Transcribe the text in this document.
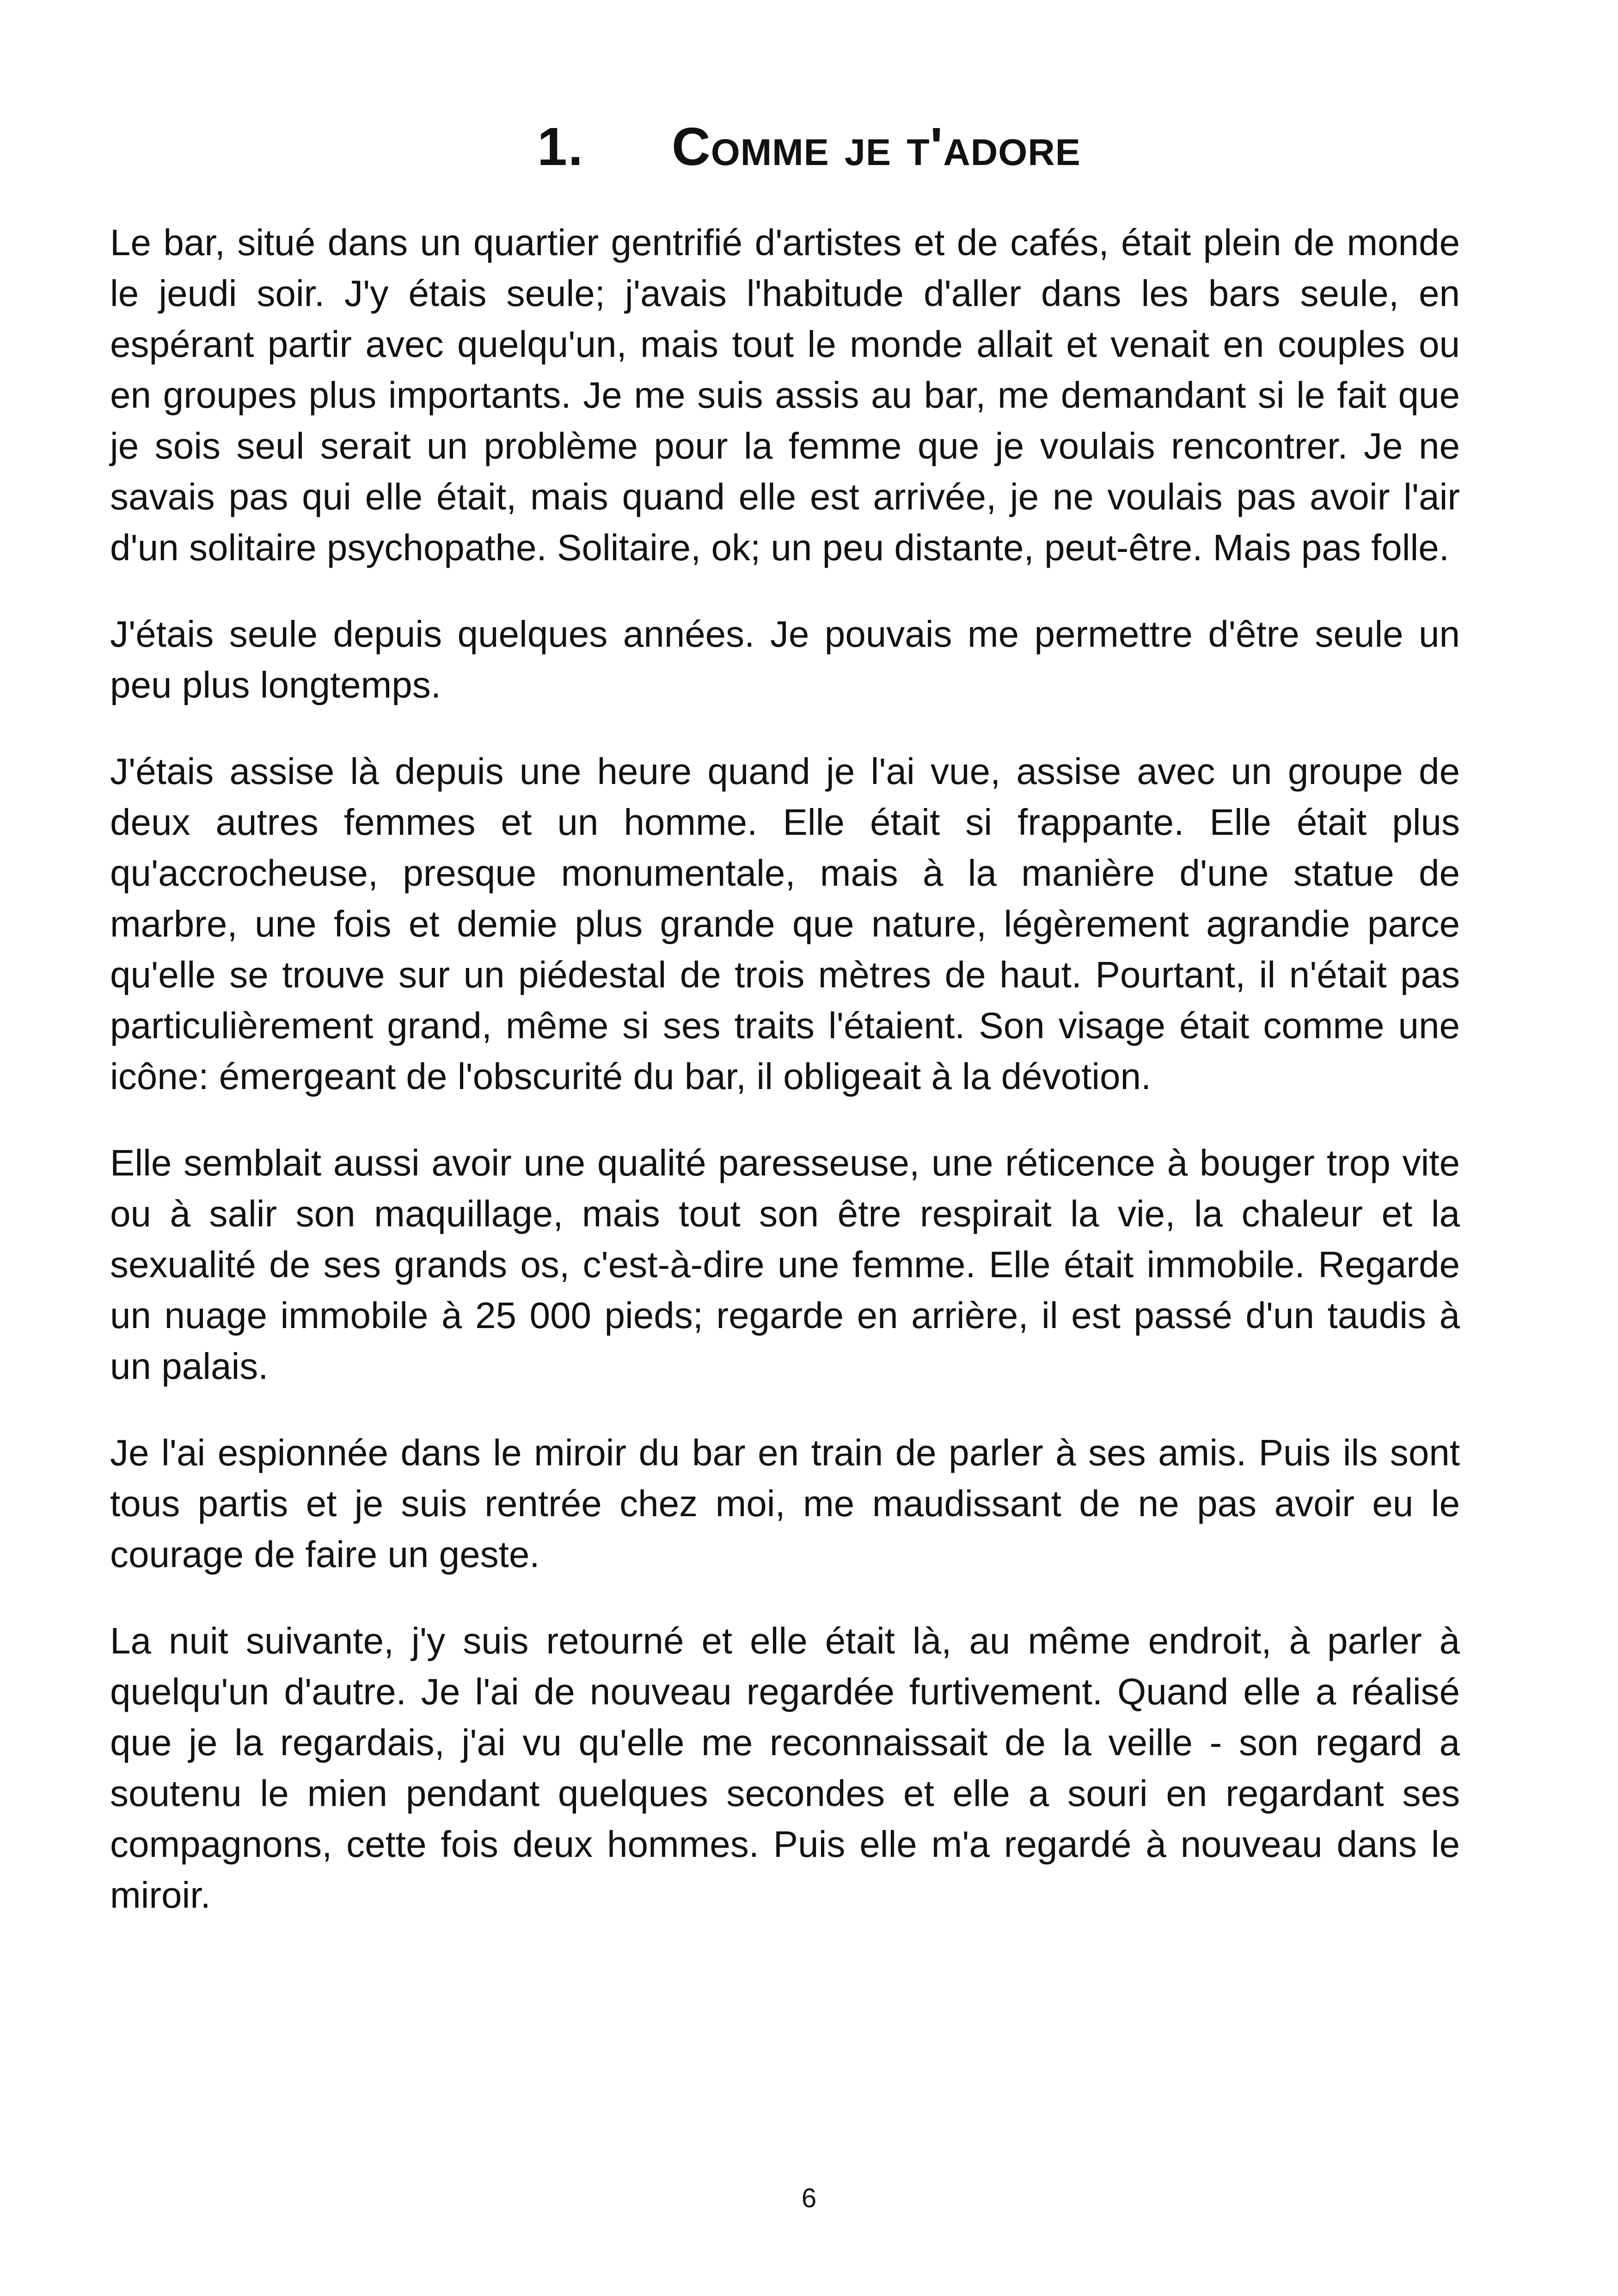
1. Comme je t'adore

Le bar, situé dans un quartier gentrifié d'artistes et de cafés, était plein de monde le jeudi soir. J'y étais seule; j'avais l'habitude d'aller dans les bars seule, en espérant partir avec quelqu'un, mais tout le monde allait et venait en couples ou en groupes plus importants. Je me suis assis au bar, me demandant si le fait que je sois seul serait un problème pour la femme que je voulais rencontrer. Je ne savais pas qui elle était, mais quand elle est arrivée, je ne voulais pas avoir l'air d'un solitaire psychopathe. Solitaire, ok; un peu distante, peut-être. Mais pas folle.

J'étais seule depuis quelques années. Je pouvais me permettre d'être seule un peu plus longtemps.

J'étais assise là depuis une heure quand je l'ai vue, assise avec un groupe de deux autres femmes et un homme. Elle était si frappante. Elle était plus qu'accrocheuse, presque monumentale, mais à la manière d'une statue de marbre, une fois et demie plus grande que nature, légèrement agrandie parce qu'elle se trouve sur un piédestal de trois mètres de haut. Pourtant, il n'était pas particulièrement grand, même si ses traits l'étaient. Son visage était comme une icône: émergeant de l'obscurité du bar, il obligeait à la dévotion.

Elle semblait aussi avoir une qualité paresseuse, une réticence à bouger trop vite ou à salir son maquillage, mais tout son être respirait la vie, la chaleur et la sexualité de ses grands os, c'est-à-dire une femme. Elle était immobile. Regarde un nuage immobile à 25 000 pieds; regarde en arrière, il est passé d'un taudis à un palais.

Je l'ai espionnée dans le miroir du bar en train de parler à ses amis. Puis ils sont tous partis et je suis rentrée chez moi, me maudissant de ne pas avoir eu le courage de faire un geste.

La nuit suivante, j'y suis retourné et elle était là, au même endroit, à parler à quelqu'un d'autre. Je l'ai de nouveau regardée furtivement. Quand elle a réalisé que je la regardais, j'ai vu qu'elle me reconnaissait de la veille - son regard a soutenu le mien pendant quelques secondes et elle a souri en regardant ses compagnons, cette fois deux hommes. Puis elle m'a regardé à nouveau dans le miroir.

6
